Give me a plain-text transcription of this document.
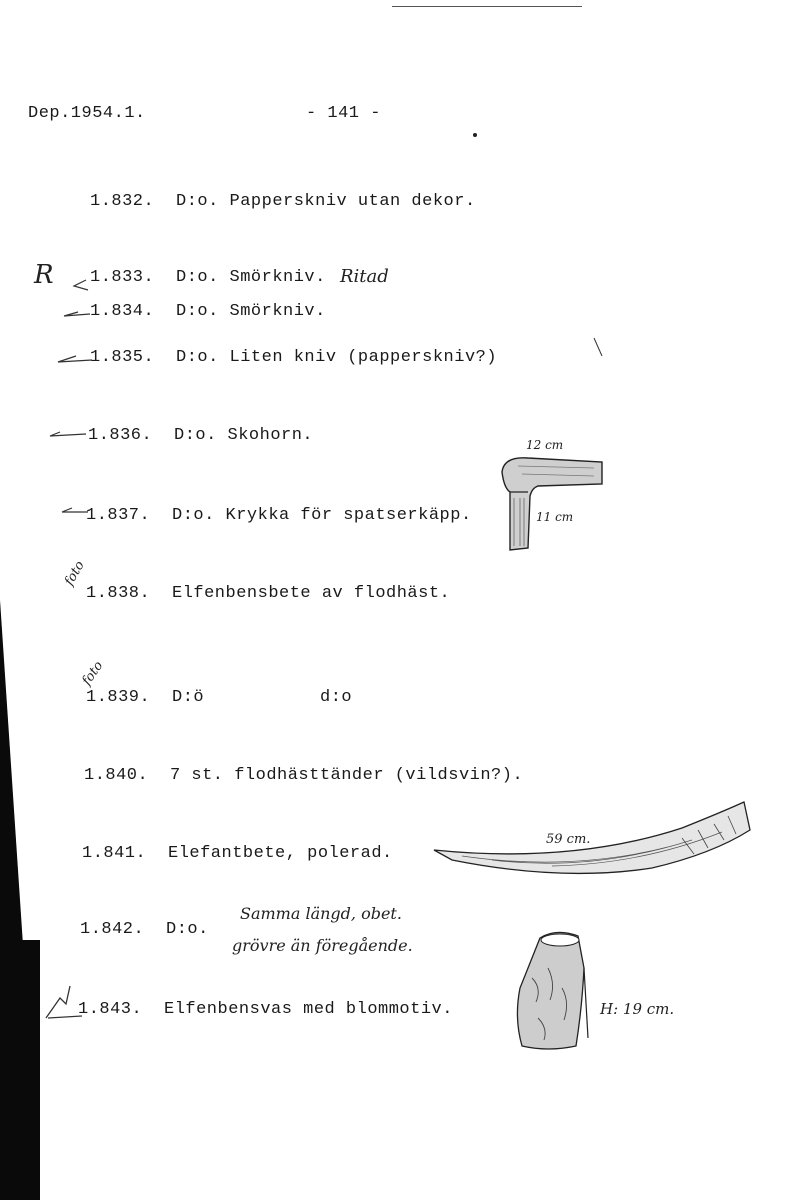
Dep.1954.1.	- 141 -
1.832. D:o. Papperskniv utan dekor.
1.833. D:o. Smörkniv.
1.834. D:o. Smörkniv.
1.835. D:o. Liten kniv (papperskniv?)
1.836. D:o. Skohorn.
1.837. D:o. Krykka för spatserkäpp.
1.838. Elfenbensbete av flodhäst.
1.839. D:ö	d:o
1.840. 7 st. flodhästtänder (vildsvin?).
1.841. Elefantbete, polerad.
1.842. D:o.
1.843. Elfenbensvas med blommotiv.
R	Ritad
foto
foto
12 cm
11 cm
59 cm.
Samma längd, obet.
grövre än föregående.
H: 19 cm.
